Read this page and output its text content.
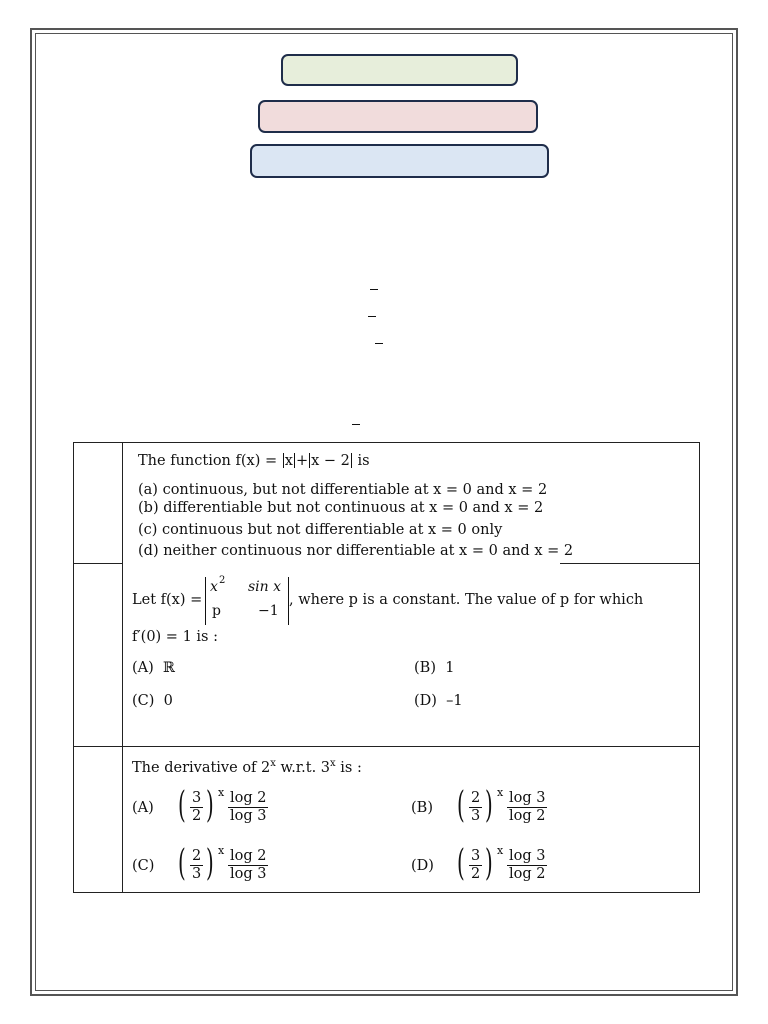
The function f(x) = x + x − 2 is
(a) continuous, but not differentiable at x = 0 and x = 2
(b) differentiable but not continuous at x = 0 and x = 2
(c) continuous but not differentiable at x = 0 only
(d) neither continuous nor differentiable at x = 0 and x = 2
Let f(x) =
x 2 sin x
p	−1
, where p is a constant. The value of p for which
f′(0) = 1 is :
(A) ℝ	(B) 1
(C) 0	(D) –1
The derivative of 2$^x$ w.r.t. 3$^x$ is :
(A) ( $\frac{3}{2}$ ) x $\frac{\log 2}{\log 3}$	(B) ( $\frac{2}{3}$ ) x $\frac{\log 3}{\log 2}$
(C) ( $\frac{2}{3}$ ) x $\frac{\log 2}{\log 3}$	(D) ( $\frac{3}{2}$ ) x $\frac{\log 3}{\log 2}$
